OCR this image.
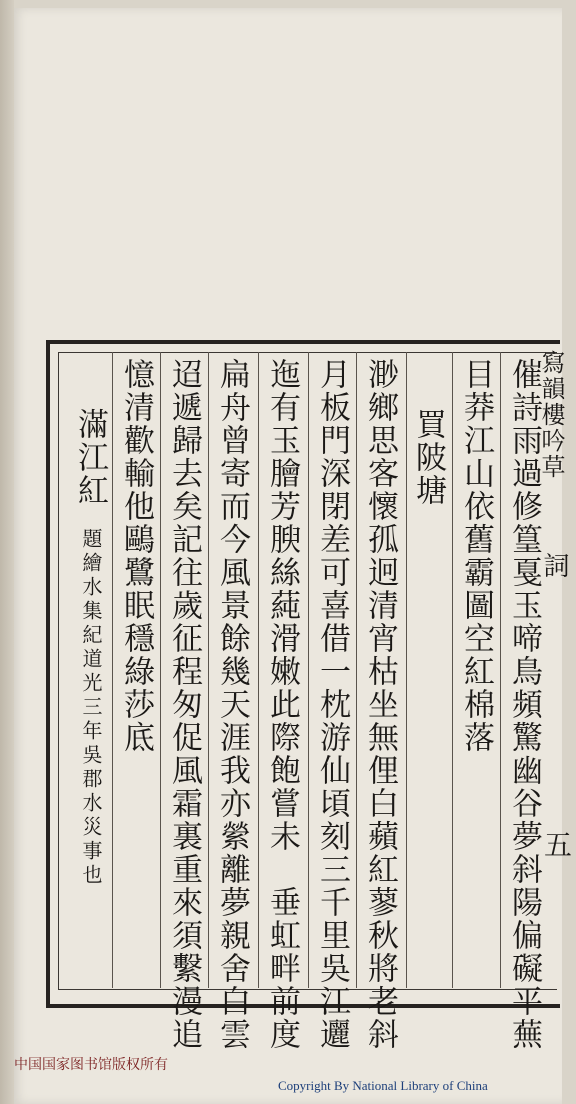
寫韻樓吟草
詞
五
催詩雨過修篁戛玉啼鳥頻驚幽谷夢斜陽偏礙平蕪
目莽江山依舊霸圖空紅棉落
買陂塘
渺鄉思客懷孤迥清宵枯坐無俚白蘋紅蓼秋將老斜
月板門深閉差可喜借一枕游仙頃刻三千里吳江邐
迤有玉膾芳腴絲蒓滑嫩此際飽嘗未　垂虹畔前度
扁舟曾寄而今風景餘幾天涯我亦縈離夢親舍白雲
迢遞歸去矣記往歲征程匆促風霜裏重來須繫漫追
憶清歡輸他鷗鷺眠穩綠莎底
滿江紅
題繪水集紀道光三年吳郡水災事也
中国国家图书馆版权所有
Copyright By National Library of China
